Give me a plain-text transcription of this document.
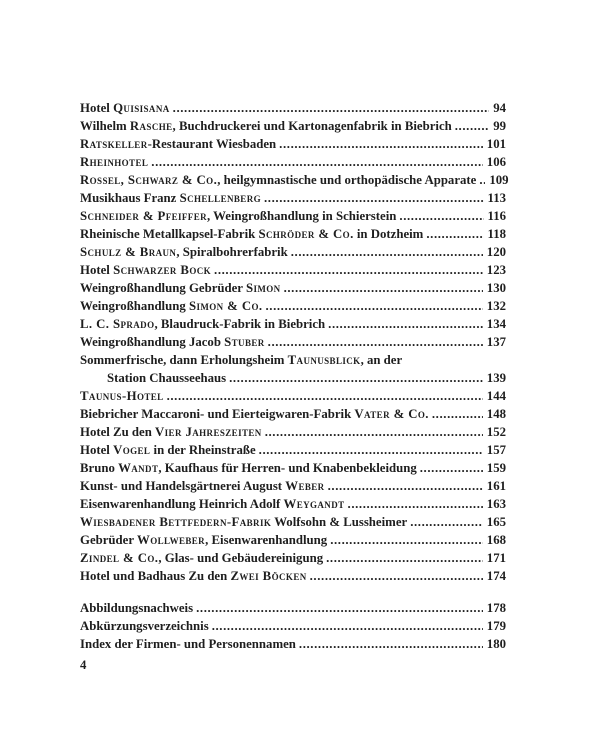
Hotel Quisisana .....	94
Wilhelm Rasche, Buchdruckerei und Kartonagenfabrik in Biebrich .....	99
Ratskeller-Restaurant Wiesbaden .....	101
Rheinhotel .....	106
Rossel, Schwarz & Co., heilgymnastische und orthopädische Apparate ..... 109
Musikhaus Franz Schellenberg .....	113
Schneider & Pfeiffer, Weingroßhandlung in Schierstein .....	116
Rheinische Metallkapsel-Fabrik Schröder & Co. in Dotzheim .....	118
Schulz & Braun, Spiralbohrerfabrik .....	120
Hotel Schwarzer Bock .....	123
Weingroßhandlung Gebrüder Simon .....	130
Weingroßhandlung Simon & Co. .....	132
L. C. Sprado, Blaudruck-Fabrik in Biebrich .....	134
Weingroßhandlung Jacob Stuber .....	137
Sommerfrische, dann Erholungsheim Taunusblick, an der
Station Chausseehaus .....	139
Taunus-Hotel .....	144
Biebricher Maccaroni- und Eierteigwaren-Fabrik Vater & Co. .....	148
Hotel Zu den Vier Jahreszeiten .....	152
Hotel Vogel in der Rheinstraße .....	157
Bruno Wandt, Kaufhaus für Herren- und Knabenbekleidung .....	159
Kunst- und Handelsgärtnerei August Weber .....	161
Eisenwarenhandlung Heinrich Adolf Weygandt .....	163
Wiesbadener Bettfedern-Fabrik Wolfsohn & Lussheimer .....	165
Gebrüder Wollweber, Eisenwarenhandlung .....	168
Zindel & Co., Glas- und Gebäudereinigung .....	171
Hotel und Badhaus Zu den Zwei Böcken .....	174
Abbildungsnachweis .....	178
Abkürzungsverzeichnis .....	179
Index der Firmen- und Personennamen .....	180
4
